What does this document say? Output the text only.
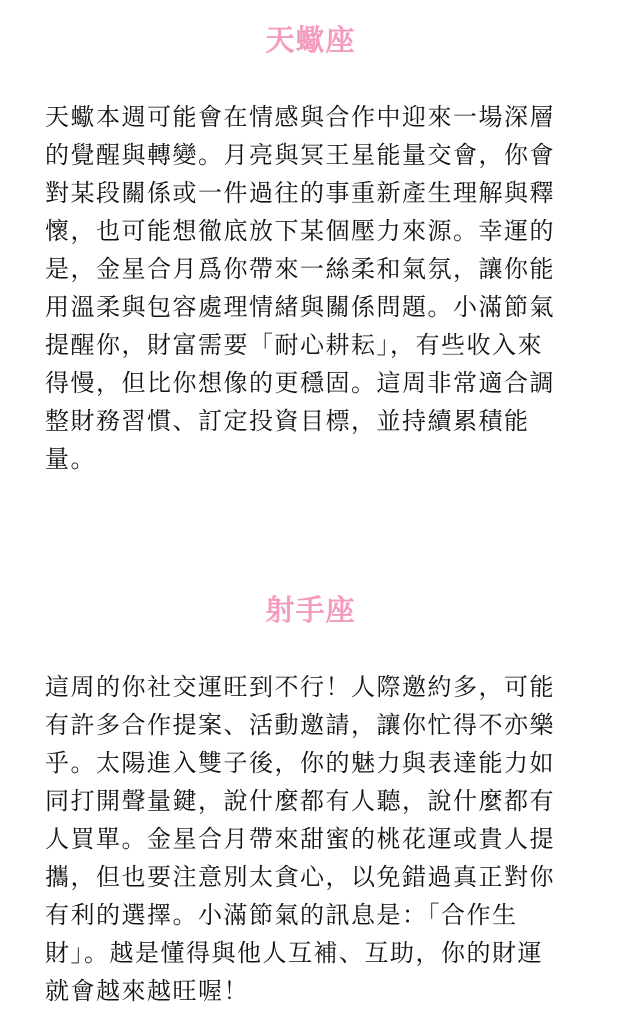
天蠍座
天蠍本週可能會在情感與合作中迎來一場深層
的覺醒與轉變。月亮與冥王星能量交會，你會
對某段關係或一件過往的事重新產生理解與釋
懷，也可能想徹底放下某個壓力來源。幸運的
是，金星合月爲你帶來一絲柔和氣氛，讓你能
用溫柔與包容處理情緒與關係問題。小滿節氣
提醒你，財富需要「耐心耕耘」，有些收入來
得慢，但比你想像的更穩固。這周非常適合調
整財務習慣、訂定投資目標，並持續累積能
量。
射手座
這周的你社交運旺到不行！人際邀約多，可能
有許多合作提案、活動邀請，讓你忙得不亦樂
乎。太陽進入雙子後，你的魅力與表達能力如
同打開聲量鍵，說什麼都有人聽，說什麼都有
人買單。金星合月帶來甜蜜的桃花運或貴人提
攜，但也要注意別太貪心，以免錯過真正對你
有利的選擇。小滿節氣的訊息是：「合作生
財」。越是懂得與他人互補、互助，你的財運
就會越來越旺喔！
